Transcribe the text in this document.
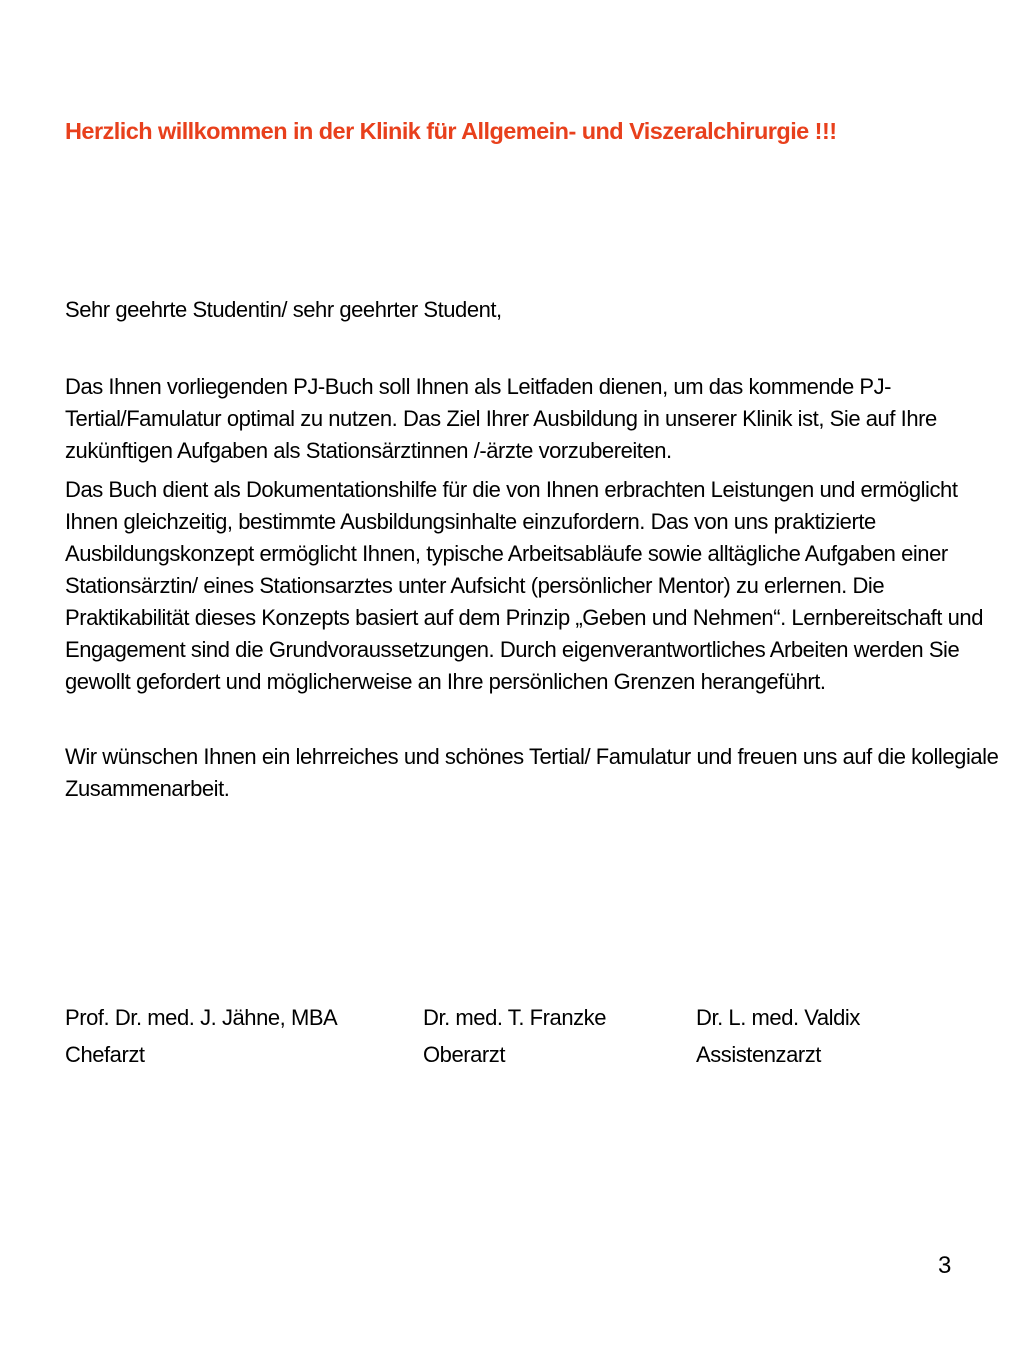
Herzlich willkommen in der Klinik für Allgemein- und Viszeralchirurgie !!!

Sehr geehrte Studentin/ sehr geehrter Student,

Das Ihnen vorliegenden PJ-Buch soll Ihnen als Leitfaden dienen, um das kommende PJ-Tertial/Famulatur optimal zu nutzen. Das Ziel Ihrer Ausbildung in unserer Klinik ist, Sie auf Ihre zukünftigen Aufgaben als Stationsärztinnen /-ärzte vorzubereiten.

Das Buch dient als Dokumentationshilfe für die von Ihnen erbrachten Leistungen und ermöglicht Ihnen gleichzeitig, bestimmte Ausbildungsinhalte einzufordern. Das von uns praktizierte Ausbildungskonzept ermöglicht Ihnen, typische Arbeitsabläufe sowie alltägliche Aufgaben einer Stationsärztin/ eines Stationsarztes unter Aufsicht (persönlicher Mentor) zu erlernen. Die Praktikabilität dieses Konzepts basiert auf dem Prinzip „Geben und Nehmen“. Lernbereitschaft und Engagement sind die Grundvoraussetzungen. Durch eigenverantwortliches Arbeiten werden Sie gewollt gefordert und möglicherweise an Ihre persönlichen Grenzen herangeführt.

Wir wünschen Ihnen ein lehrreiches und schönes Tertial/ Famulatur und freuen uns auf die kollegiale Zusammenarbeit.

Prof. Dr. med. J. Jähne, MBA
Chefarzt
Dr. med. T. Franzke
Oberarzt
Dr. L. med. Valdix
Assistenzarzt
3
